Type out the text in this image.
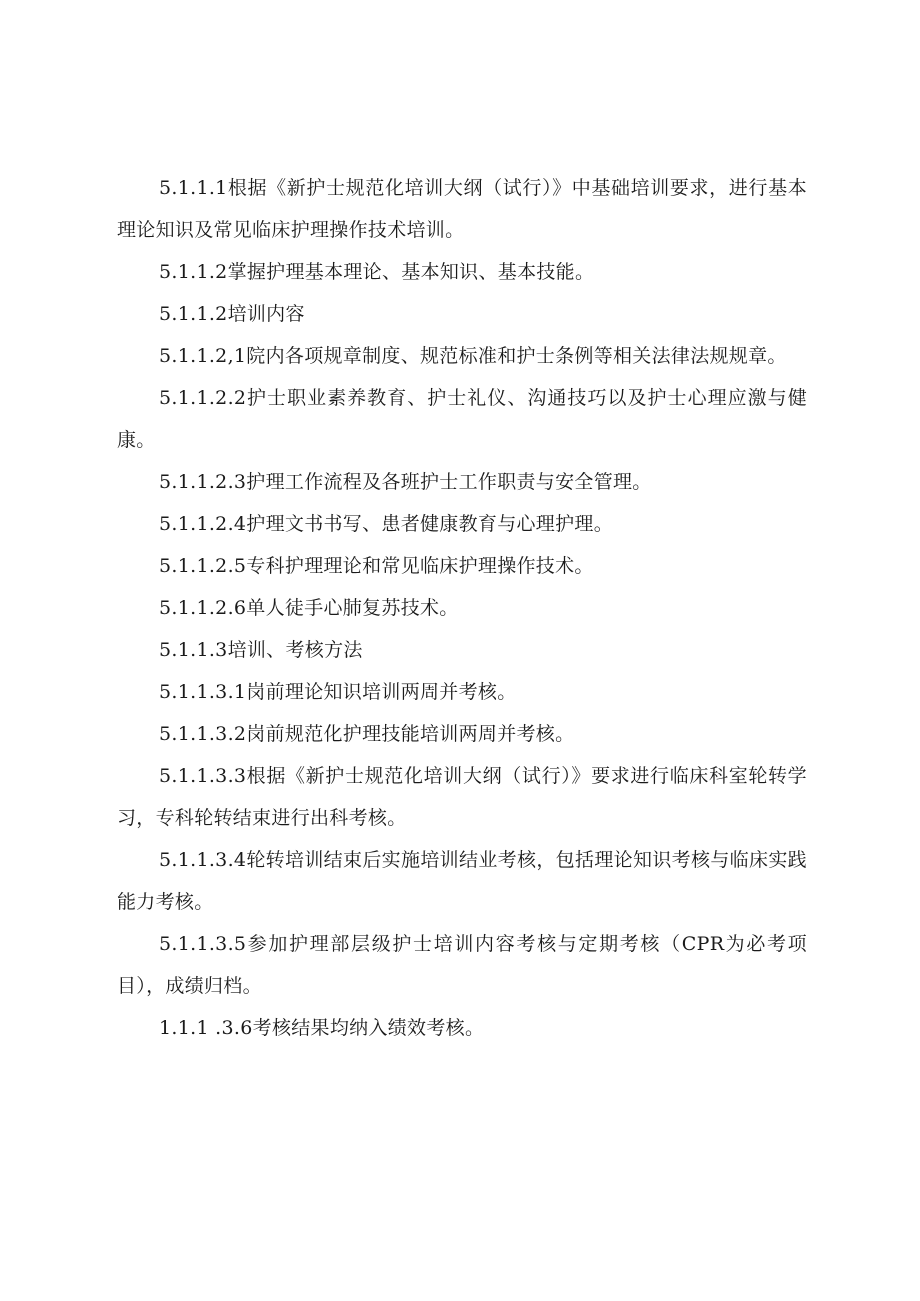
5.1.1.1根据《新护士规范化培训大纲（试行）》中基础培训要求，进行基本理论知识及常见临床护理操作技术培训。

5.1.1.2掌握护理基本理论、基本知识、基本技能。

5.1.1.2培训内容

5.1.1.2,1院内各项规章制度、规范标准和护士条例等相关法律法规规章。

5.1.1.2.2护士职业素养教育、护士礼仪、沟通技巧以及护士心理应激与健康。

5.1.1.2.3护理工作流程及各班护士工作职责与安全管理。

5.1.1.2.4护理文书书写、患者健康教育与心理护理。

5.1.1.2.5专科护理理论和常见临床护理操作技术。

5.1.1.2.6单人徒手心肺复苏技术。

5.1.1.3培训、考核方法

5.1.1.3.1岗前理论知识培训两周并考核。

5.1.1.3.2岗前规范化护理技能培训两周并考核。

5.1.1.3.3根据《新护士规范化培训大纲（试行）》要求进行临床科室轮转学习，专科轮转结束进行出科考核。

5.1.1.3.4轮转培训结束后实施培训结业考核，包括理论知识考核与临床实践能力考核。

5.1.1.3.5参加护理部层级护士培训内容考核与定期考核（CPR为必考项目），成绩归档。

1.1.1 .3.6考核结果均纳入绩效考核。
